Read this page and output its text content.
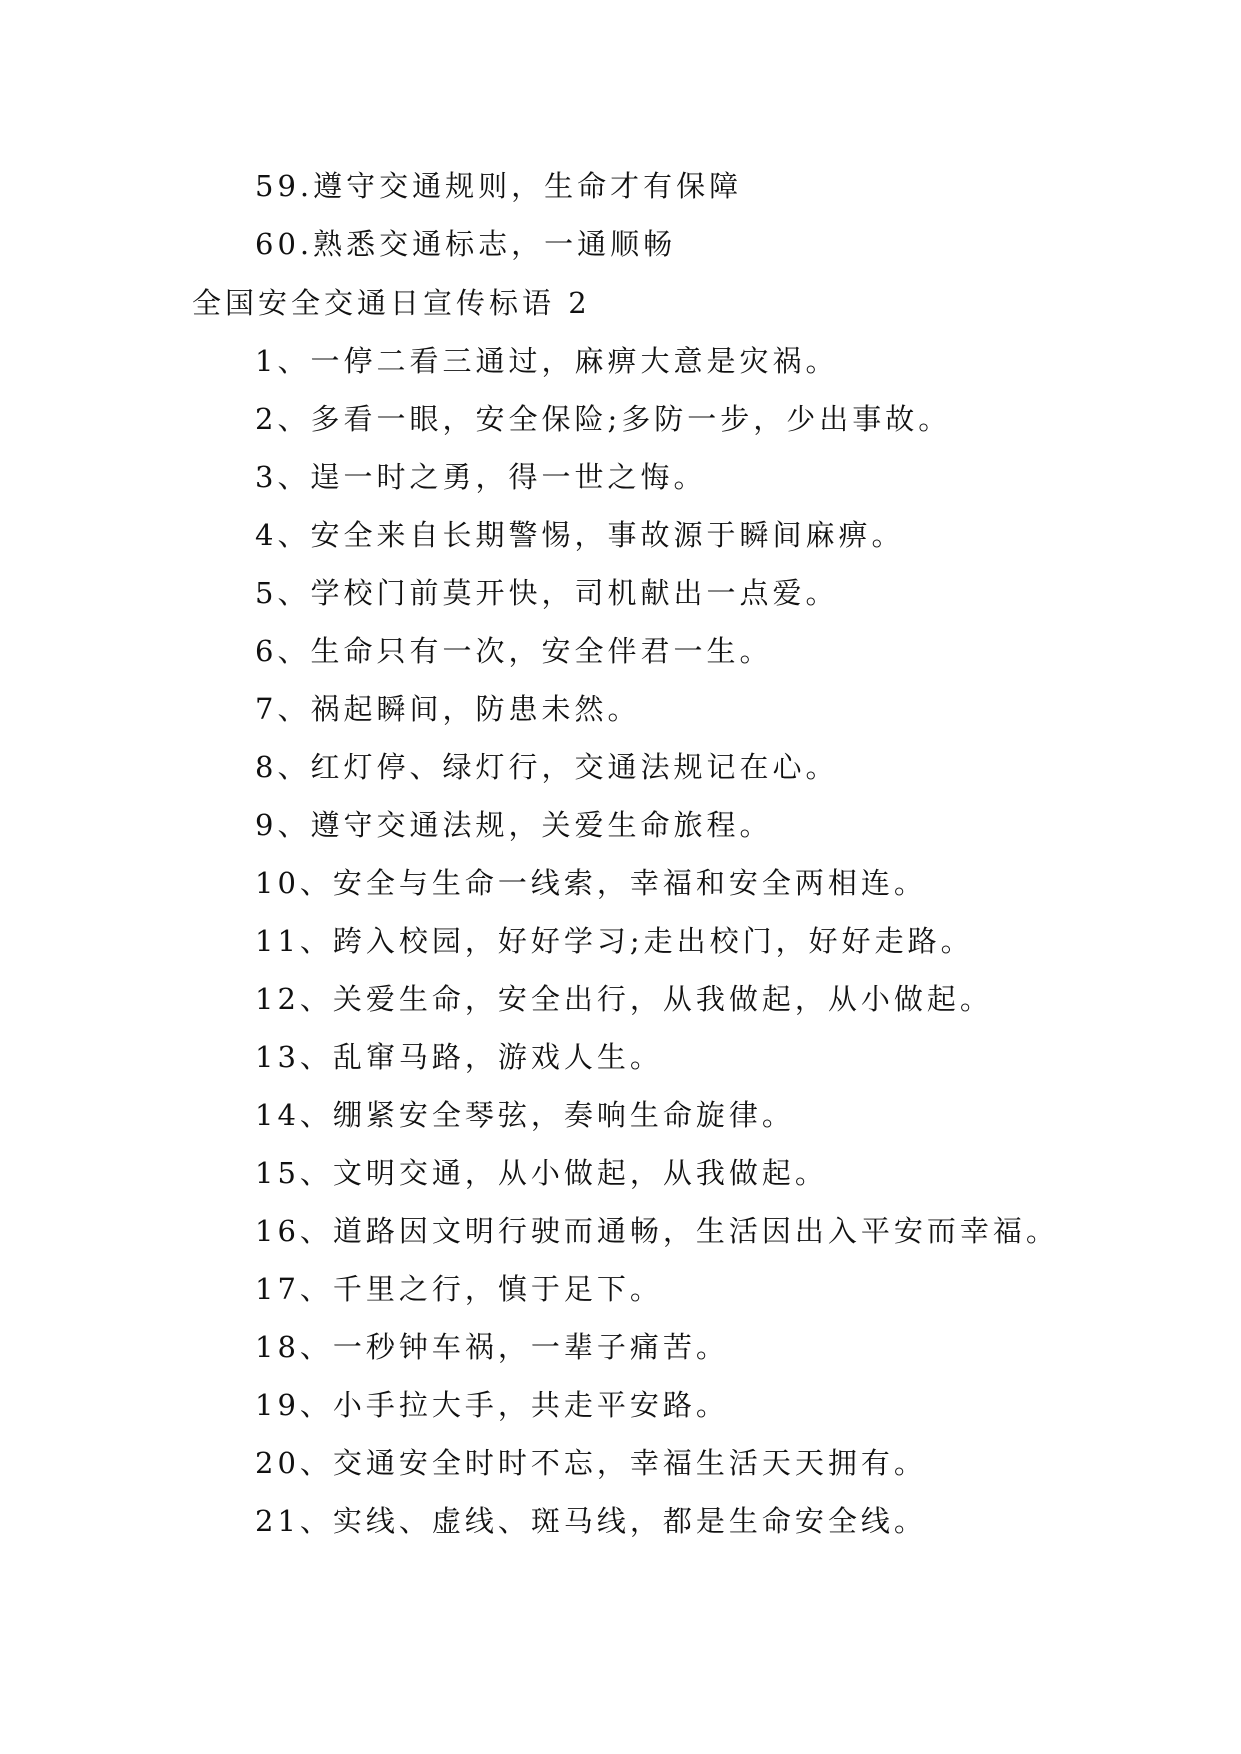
59.遵守交通规则，生命才有保障
60.熟悉交通标志，一通顺畅
全国安全交通日宣传标语 2
1、一停二看三通过，麻痹大意是灾祸。
2、多看一眼，安全保险;多防一步，少出事故。
3、逞一时之勇，得一世之悔。
4、安全来自长期警惕，事故源于瞬间麻痹。
5、学校门前莫开快，司机献出一点爱。
6、生命只有一次，安全伴君一生。
7、祸起瞬间，防患未然。
8、红灯停、绿灯行，交通法规记在心。
9、遵守交通法规，关爱生命旅程。
10、安全与生命一线索，幸福和安全两相连。
11、跨入校园，好好学习;走出校门，好好走路。
12、关爱生命，安全出行，从我做起，从小做起。
13、乱窜马路，游戏人生。
14、绷紧安全琴弦，奏响生命旋律。
15、文明交通，从小做起，从我做起。
16、道路因文明行驶而通畅，生活因出入平安而幸福。
17、千里之行，慎于足下。
18、一秒钟车祸，一辈子痛苦。
19、小手拉大手，共走平安路。
20、交通安全时时不忘，幸福生活天天拥有。
21、实线、虚线、斑马线，都是生命安全线。
